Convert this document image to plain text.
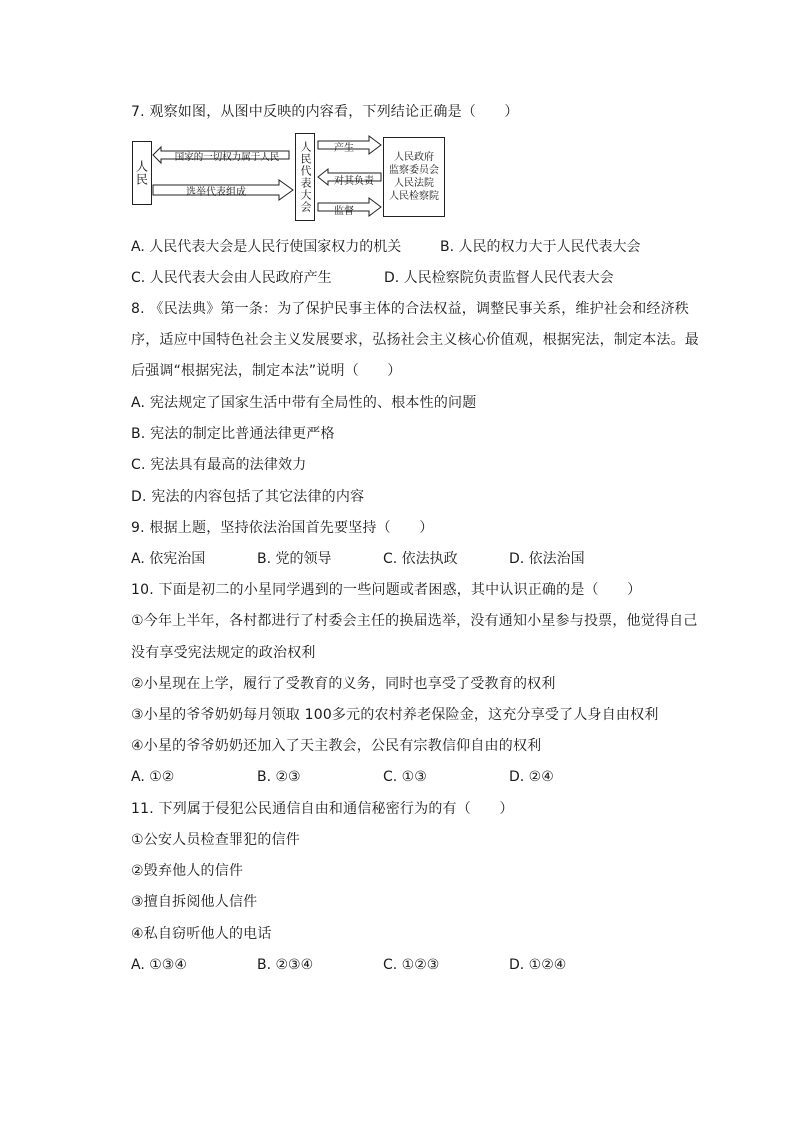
7. 观察如图，从图中反映的内容看，下列结论正确是（　　）
人民
国家的一切权力属于人民
选举代表组成	人民代表大会	产生
对其负责
监督
人民政府
监察委员会
人民法院
人民检察院
A. 人民代表大会是人民行使国家权力的机关	B. 人民的权力大于人民代表大会
C. 人民代表大会由人民政府产生	D. 人民检察院负责监督人民代表大会
8. 《民法典》第一条：为了保护民事主体的合法权益，调整民事关系，维护社会和经济秩
序，适应中国特色社会主义发展要求，弘扬社会主义核心价值观，根据宪法，制定本法。最
后强调“根据宪法，制定本法”说明（　　）
A. 宪法规定了国家生活中带有全局性的、根本性的问题
B. 宪法的制定比普通法律更严格
C. 宪法具有最高的法律效力
D. 宪法的内容包括了其它法律的内容
9. 根据上题，坚持依法治国首先要坚持（　　）
A. 依宪治国	B. 党的领导	C. 依法执政	D. 依法治国
10. 下面是初二的小星同学遇到的一些问题或者困惑，其中认识正确的是（　　）
①今年上半年，各村都进行了村委会主任的换届选举，没有通知小星参与投票，他觉得自己
没有享受宪法规定的政治权利
②小星现在上学，履行了受教育的义务，同时也享受了受教育的权利
③小星的爷爷奶奶每月领取 100多元的农村养老保险金，这充分享受了人身自由权利
④小星的爷爷奶奶还加入了天主教会，公民有宗教信仰自由的权利
A. ①②	B. ②③	C. ①③	D. ②④
11. 下列属于侵犯公民通信自由和通信秘密行为的有（　　）
①公安人员检查罪犯的信件
②毁弃他人的信件
③擅自拆阅他人信件
④私自窃听他人的电话
A. ①③④	B. ②③④	C. ①②③	D. ①②④
